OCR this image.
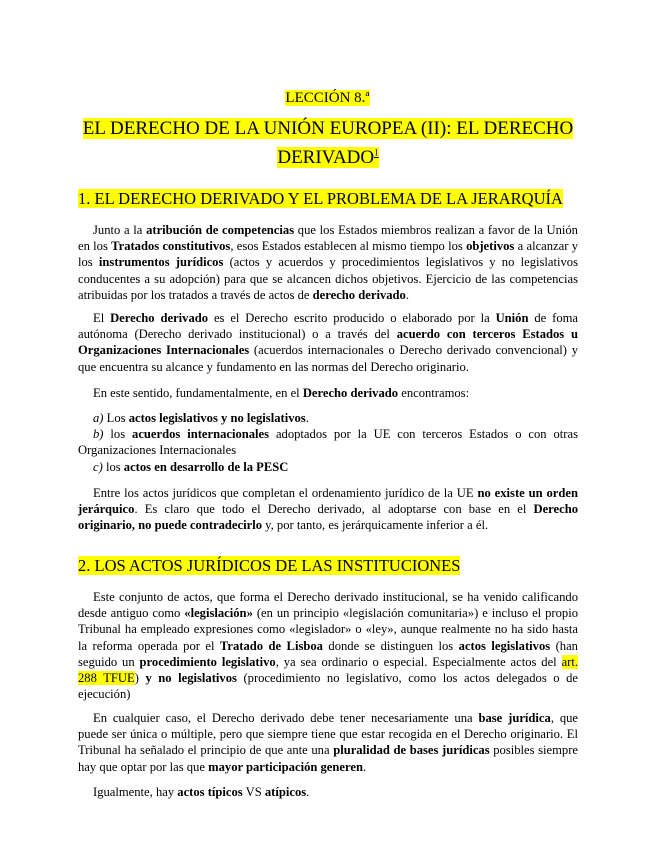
LECCIÓN 8.ª
EL DERECHO DE LA UNIÓN EUROPEA (II): EL DERECHO
DERIVADO$^1$
1. EL DERECHO DERIVADO Y EL PROBLEMA DE LA JERARQUÍA
Junto a la atribución de competencias que los Estados miembros realizan a favor de la Unión en los Tratados constitutivos, esos Estados establecen al mismo tiempo los objetivos a alcanzar y los instrumentos jurídicos (actos y acuerdos y procedimientos legislativos y no legislativos conducentes a su adopción) para que se alcancen dichos objetivos. Ejercicio de las competencias atribuidas por los tratados a través de actos de derecho derivado.
El Derecho derivado es el Derecho escrito producido o elaborado por la Unión de foma autónoma (Derecho derivado institucional) o a través del acuerdo con terceros Estados u Organizaciones Internacionales (acuerdos internacionales o Derecho derivado convencional) y que encuentra su alcance y fundamento en las normas del Derecho originario.
En este sentido, fundamentalmente, en el Derecho derivado encontramos:
a) Los actos legislativos y no legislativos.
b) los acuerdos internacionales adoptados por la UE con terceros Estados o con otras Organizaciones Internacionales
c) los actos en desarrollo de la PESC
Entre los actos jurídicos que completan el ordenamiento jurídico de la UE no existe un orden jerárquico. Es claro que todo el Derecho derivado, al adoptarse con base en el Derecho originario, no puede contradecirlo y, por tanto, es jerárquicamente inferior a él.
2. LOS ACTOS JURÍDICOS DE LAS INSTITUCIONES
Este conjunto de actos, que forma el Derecho derivado institucional, se ha venido calificando desde antiguo como «legislación» (en un principio «legislación comunitaria») e incluso el propio Tribunal ha empleado expresiones como «legislador» o «ley», aunque realmente no ha sido hasta la reforma operada por el Tratado de Lisboa donde se distinguen los actos legislativos (han seguido un procedimiento legislativo, ya sea ordinario o especial. Especialmente actos del art. 288 TFUE) y no legislativos (procedimiento no legislativo, como los actos delegados o de ejecución)
En cualquier caso, el Derecho derivado debe tener necesariamente una base jurídica, que puede ser única o múltiple, pero que siempre tiene que estar recogida en el Derecho originario. El Tribunal ha señalado el principio de que ante una pluralidad de bases jurídicas posibles siempre hay que optar por las que mayor participación generen.
Igualmente, hay actos típicos VS atípicos.
